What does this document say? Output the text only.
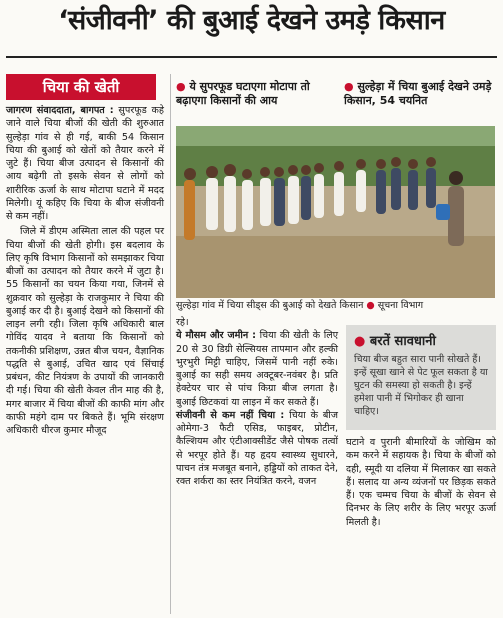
‘संजीवनी’ की बुआई देखने उमड़े किसान
चिया की खेती

जागरण संवाददाता, बागपत : सुपरफूड कहे जाने वाले चिया बीजों की खेती की शुरुआत सुल्हेड़ा गांव से ही गई, बाकी 54 किसान चिया की बुआई को खेतों को तैयार करने में जुटे हैं। चिया बीज उत्पादन से किसानों की आय बढ़ेगी तो इसके सेवन से लोगों को शारीरिक ऊर्जा के साथ मोटापा घटाने में मदद मिलेगी। यूं कहिए कि चिया के बीज संजीवनी से कम नहीं।

जिले में डीएम अस्मिता लाल की पहल पर चिया बीजों की खेती होगी। इस बदलाव के लिए कृषि विभाग किसानों को समझाकर चिया बीजों का उत्पादन को तैयार करने में जुटा है। 55 किसानों का चयन किया गया, जिनमें से शुक्रवार को सुल्हेड़ा के राजकुमार ने चिया की बुआई कर दी है। बुआई देखने को किसानों की लाइन लगी रही। जिला कृषि अधिकारी बाल गोविंद यादव ने बताया कि किसानों को तकनीकी प्रशिक्षण, उन्नत बीज चयन, वैज्ञानिक पद्धति से बुआई, उचित खाद एवं सिंचाई प्रबंधन, कीट नियंत्रण के उपायों की जानकारी दी गई। चिया की खेती केवल तीन माह की है, मगर बाजार में चिया बीजों की काफी मांग और काफी महंगे दाम पर बिकते हैं। भूमि संरक्षण अधिकारी धीरज कुमार मौजूद

● ये सुपरफूड घटाएगा मोटापा तो बढ़ाएगा किसानों की आय
● सुल्हेड़ा में चिया बुआई देखने उमड़े किसान, 54 चयनित
सुल्हेड़ा गांव में चिया सीड्स की बुआई को देखते किसान ● सूचना विभाग

रहे।

ये मौसम और जमीन : चिया की खेती के लिए 20 से 30 डिग्री सेल्सियस तापमान और हल्की भुरभुरी मिट्टी चाहिए, जिसमें पानी नहीं रुके। बुआई का सही समय अक्टूबर-नवंबर है। प्रति हेक्टेयर चार से पांच किग्रा बीज लगता है। बुआई छिटकवां या लाइन में कर सकते हैं।

संजीवनी से कम नहीं चिया : चिया के बीज ओमेगा-3 फैटी एसिड, फाइबर, प्रोटीन, कैल्शियम और एंटीआक्सीडेंट जैसे पोषक तत्वों से भरपूर होते हैं। यह हृदय स्वास्थ्य सुधारने, पाचन तंत्र मजबूत बनाने, हड्डियों को ताकत देने, रक्त शर्करा का स्तर नियंत्रित करने, वजन

● बरतें सावधानी
चिया बीज बहुत सारा पानी सोखते हैं। इन्हें सूखा खाने से पेट फूल सकता है या घुटन की समस्या हो सकती है। इन्हें हमेशा पानी में भिगोकर ही खाना चाहिए।
घटाने व पुरानी बीमारियों के जोखिम को कम करने में सहायक है। चिया के बीजों को दही, स्मूदी या दलिया में मिलाकर खा सकते हैं। सलाद या अन्य व्यंजनों पर छिड़क सकते हैं। एक चम्मच चिया के बीजों के सेवन से दिनभर के लिए शरीर के लिए भरपूर ऊर्जा मिलती है।
